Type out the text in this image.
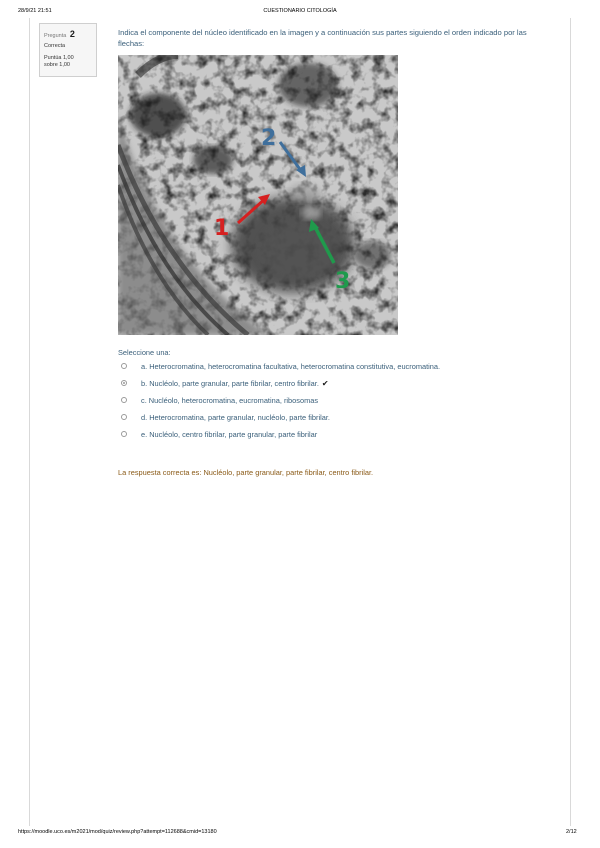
28/9/21 21:51	CUESTIONARIO CITOLOGÍA
Pregunta 2
Correcta
Puntúa 1,00
sobre 1,00
Indica el componente del núcleo identificado en la imagen y a continuación sus partes siguiendo el orden indicado por las flechas:
1
2
3
Seleccione una:
a. Heterocromatina, heterocromatina facultativa, heterocromatina constitutiva, eucromatina.
b. Nucléolo, parte granular, parte fibrilar, centro fibrilar. ✔
c. Nucléolo, heterocromatina, eucromatina, ribosomas
d. Heterocromatina, parte granular, nucléolo, parte fibrilar.
e. Nucléolo, centro fibrilar, parte granular, parte fibrilar
La respuesta correcta es: Nucléolo, parte granular, parte fibrilar, centro fibrilar.
https://moodle.uco.es/m2021/mod/quiz/review.php?attempt=112688&cmid=13180	2/12
